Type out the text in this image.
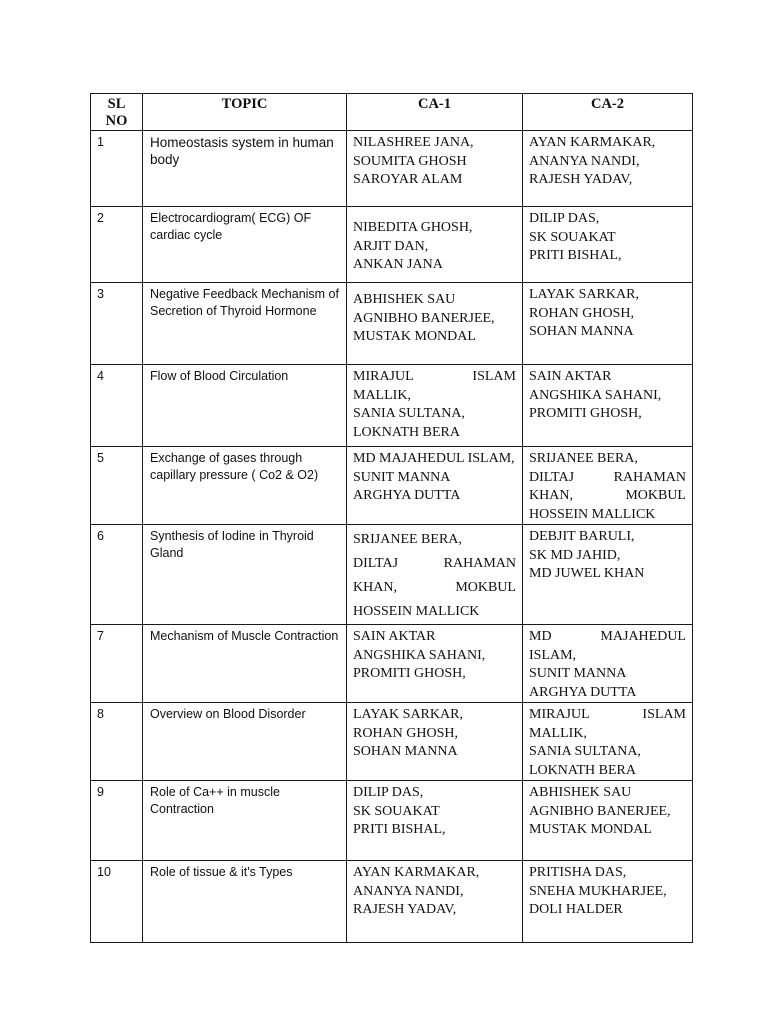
SL
NO	TOPIC	CA-1	CA-2
1	Homeostasis system in human body	NILASHREE JANA,
SOUMITA GHOSH
SAROYAR ALAM	AYAN KARMAKAR,
ANANYA NANDI,
RAJESH YADAV,

2	Electrocardiogram( ECG) OF cardiac cycle	NIBEDITA GHOSH,
ARJIT DAN,
ANKAN JANA	DILIP DAS,
SK SOUAKAT
PRITI BISHAL,

3	Negative Feedback Mechanism of Secretion of Thyroid Hormone	ABHISHEK SAU
AGNIBHO BANERJEE,
MUSTAK MONDAL	LAYAK SARKAR,
ROHAN GHOSH,
SOHAN MANNA

4	Flow of Blood Circulation	MIRAJUL ISLAM
MALLIK,
SANIA SULTANA,
LOKNATH BERA	SAIN AKTAR
ANGSHIKA SAHANI,
PROMITI GHOSH,

5	Exchange of gases through capillary pressure ( Co2 & O2)	MD MAJAHEDUL ISLAM,
SUNIT MANNA
ARGHYA DUTTA	SRIJANEE BERA,
DILTAJ RAHAMAN
KHAN, MOKBUL
HOSSEIN MALLICK

6	Synthesis of Iodine in Thyroid Gland	SRIJANEE BERA,
DILTAJ RAHAMAN
KHAN, MOKBUL
HOSSEIN MALLICK	DEBJIT BARULI,
SK MD JAHID,
MD JUWEL KHAN

7	Mechanism of Muscle Contraction	SAIN AKTAR
ANGSHIKA SAHANI,
PROMITI GHOSH,	MD MAJAHEDUL
ISLAM,
SUNIT MANNA
ARGHYA DUTTA

8	Overview on Blood Disorder	LAYAK SARKAR,
ROHAN GHOSH,
SOHAN MANNA	MIRAJUL ISLAM
MALLIK,
SANIA SULTANA,
LOKNATH BERA

9	Role of Ca++ in muscle Contraction	DILIP DAS,
SK SOUAKAT
PRITI BISHAL,	ABHISHEK SAU
AGNIBHO BANERJEE,
MUSTAK MONDAL

10	Role of tissue & it's Types	AYAN KARMAKAR,
ANANYA NANDI,
RAJESH YADAV,	PRITISHA DAS,
SNEHA MUKHARJEE,
DOLI HALDER
